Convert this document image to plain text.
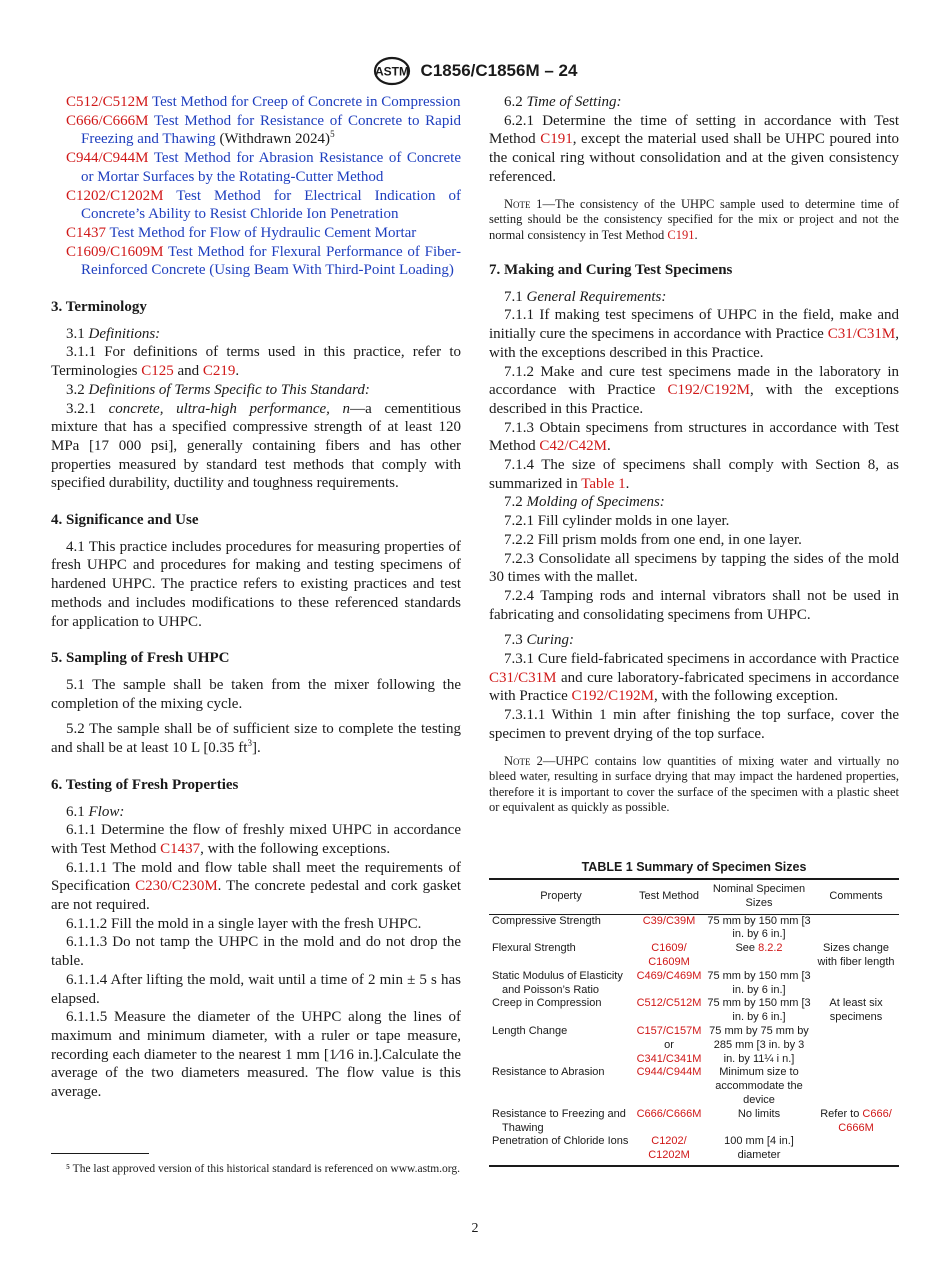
ASTM C1856/C1856M – 24

C512/C512M Test Method for Creep of Concrete in Compression

C666/C666M Test Method for Resistance of Concrete to Rapid Freezing and Thawing (Withdrawn 2024)$^5$

C944/C944M Test Method for Abrasion Resistance of Concrete or Mortar Surfaces by the Rotating-Cutter Method

C1202/C1202M Test Method for Electrical Indication of Concrete’s Ability to Resist Chloride Ion Penetration

C1437 Test Method for Flow of Hydraulic Cement Mortar

C1609/C1609M Test Method for Flexural Performance of Fiber-Reinforced Concrete (Using Beam With Third-Point Loading)

3. Terminology

3.1 Definitions:

3.1.1 For definitions of terms used in this practice, refer to Terminologies C125 and C219.

3.2 Definitions of Terms Specific to This Standard:

3.2.1 concrete, ultra-high performance, n—a cementitious mixture that has a specified compressive strength of at least 120 MPa [17 000 psi], generally containing fibers and has other properties measured by standard test methods that comply with specified durability, ductility and toughness requirements.

4. Significance and Use

4.1 This practice includes procedures for measuring properties of fresh UHPC and procedures for making and testing specimens of hardened UHPC. The practice refers to existing practices and test methods and includes modifications to these referenced standards for application to UHPC.

5. Sampling of Fresh UHPC

5.1 The sample shall be taken from the mixer following the completion of the mixing cycle.

5.2 The sample shall be of sufficient size to complete the testing and shall be at least 10 L [0.35 $ft^3$].

6. Testing of Fresh Properties

6.1 Flow:

6.1.1 Determine the flow of freshly mixed UHPC in accordance with Test Method C1437, with the following exceptions.

6.1.1.1 The mold and flow table shall meet the requirements of Specification C230/C230M. The concrete pedestal and cork gasket are not required.

6.1.1.2 Fill the mold in a single layer with the fresh UHPC.

6.1.1.3 Do not tamp the UHPC in the mold and do not drop the table.

6.1.1.4 After lifting the mold, wait until a time of 2 min ± 5 s has elapsed.

6.1.1.5 Measure the diameter of the UHPC along the lines of maximum and minimum diameter, with a ruler or tape measure, recording each diameter to the nearest 1 mm [1⁄16 in.].Calculate the average of the two diameters measured. The flow value is this average.

⁵ The last approved version of this historical standard is referenced on www.astm.org.

6.2 Time of Setting:

6.2.1 Determine the time of setting in accordance with Test Method C191, except the material used shall be UHPC poured into the conical ring without consolidation and at the given consistency referenced.

Note 1—The consistency of the UHPC sample used to determine time of setting should be the consistency specified for the mix or project and not the normal consistency in Test Method C191.

7. Making and Curing Test Specimens

7.1 General Requirements:

7.1.1 If making test specimens of UHPC in the field, make and initially cure the specimens in accordance with Practice C31/C31M, with the exceptions described in this Practice.

7.1.2 Make and cure test specimens made in the laboratory in accordance with Practice C192/C192M, with the exceptions described in this Practice.

7.1.3 Obtain specimens from structures in accordance with Test Method C42/C42M.

7.1.4 The size of specimens shall comply with Section 8, as summarized in Table 1.

7.2 Molding of Specimens:

7.2.1 Fill cylinder molds in one layer.

7.2.2 Fill prism molds from one end, in one layer.

7.2.3 Consolidate all specimens by tapping the sides of the mold 30 times with the mallet.

7.2.4 Tamping rods and internal vibrators shall not be used in fabricating and consolidating specimens from UHPC.

7.3 Curing:

7.3.1 Cure field-fabricated specimens in accordance with Practice C31/C31M and cure laboratory-fabricated specimens in accordance with Practice C192/C192M, with the following exception.

7.3.1.1 Within 1 min after finishing the top surface, cover the specimen to prevent drying of the top surface.

Note 2—UHPC contains low quantities of mixing water and virtually no bleed water, resulting in surface drying that may impact the hardened properties, therefore it is important to cover the surface of the specimen with a plastic sheet or equivalent as quickly as possible.

TABLE 1 Summary of Specimen Sizes
Property	Test Method	Nominal Specimen Sizes	Comments

Compressive Strength	C39/C39M	75 mm by 150 mm [3 in. by 6 in.]	

Flexural Strength	C1609/ C1609M	See 8.2.2	Sizes change with fiber length

Static Modulus of Elasticity and Poisson’s Ratio	C469/C469M	75 mm by 150 mm [3 in. by 6 in.]	

Creep in Compression	C512/C512M	75 mm by 150 mm [3 in. by 6 in.]	At least six specimens

Length Change	C157/C157M
or
C341/C341M	75 mm by 75 mm by 285 mm [3 in. by 3 in. by 11¼ i n.]	

Resistance to Abrasion	C944/C944M	Minimum size to accommodate the device	

Resistance to Freezing and Thawing	C666/C666M	No limits	Refer to C666/ C666M

Penetration of Chloride Ions	C1202/ C1202M	100 mm [4 in.] diameter	
2
